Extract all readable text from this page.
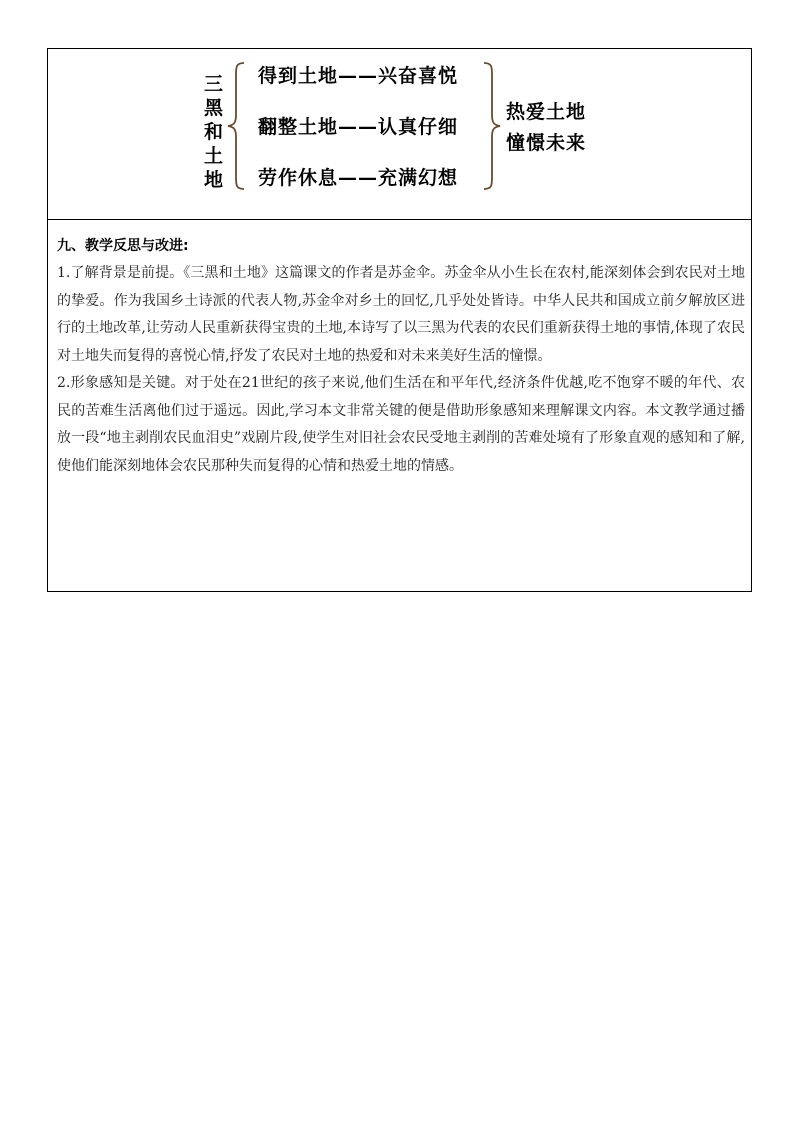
三
黑
和
土
地
得到土地——兴奋喜悦
翻整土地——认真仔细
劳作休息——充满幻想
热爱土地
憧憬未来
九、教学反思与改进:

1.了解背景是前提。《三黑和土地》这篇课文的作者是苏金伞。苏金伞从小生长在农村,能深刻体会到农民对土地的挚爱。作为我国乡土诗派的代表人物,苏金伞对乡土的回忆,几乎处处皆诗。中华人民共和国成立前夕解放区进行的土地改革,让劳动人民重新获得宝贵的土地,本诗写了以三黑为代表的农民们重新获得土地的事情,体现了农民对土地失而复得的喜悦心情,抒发了农民对土地的热爱和对未来美好生活的憧憬。

2.形象感知是关键。对于处在21世纪的孩子来说,他们生活在和平年代,经济条件优越,吃不饱穿不暖的年代、农民的苦难生活离他们过于遥远。因此,学习本文非常关键的便是借助形象感知来理解课文内容。本文教学通过播放一段“地主剥削农民血泪史”戏剧片段,使学生对旧社会农民受地主剥削的苦难处境有了形象直观的感知和了解,使他们能深刻地体会农民那种失而复得的心情和热爱土地的情感。
